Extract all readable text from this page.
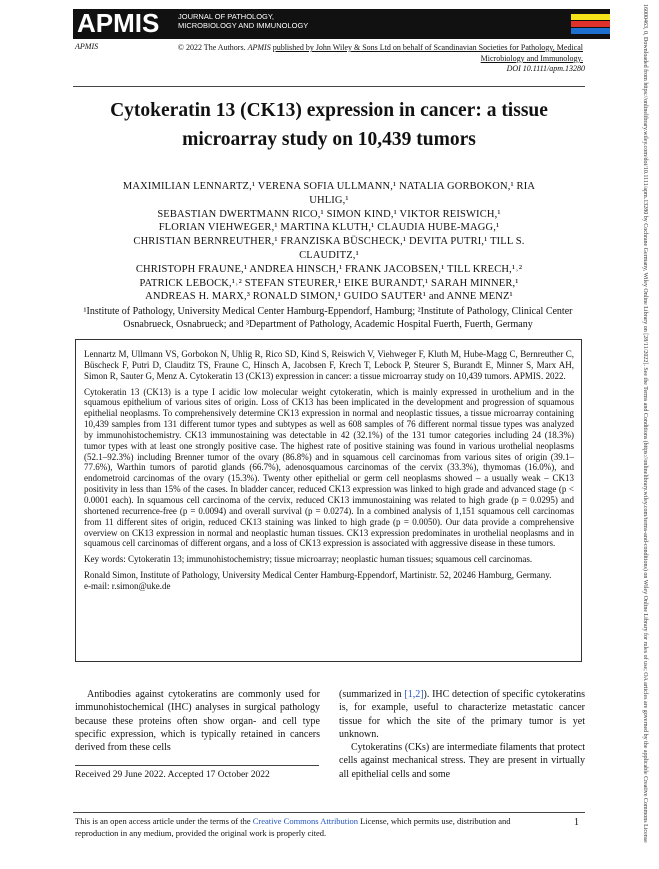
APMIS JOURNAL OF PATHOLOGY,
MICROBIOLOGY AND IMMUNOLOGY
APMIS	© 2022 The Authors. APMIS published by John Wiley & Sons Ltd on behalf of Scandinavian Societies for Pathology, Medical Microbiology and Immunology.
DOI 10.1111/apm.13280
Cytokeratin 13 (CK13) expression in cancer: a tissue
microarray study on 10,439 tumors
MAXIMILIAN LENNARTZ,¹ VERENA SOFIA ULLMANN,¹ NATALIA GORBOKON,¹ RIA UHLIG,¹
SEBASTIAN DWERTMANN RICO,¹ SIMON KIND,¹ VIKTOR REISWICH,¹
FLORIAN VIEHWEGER,¹ MARTINA KLUTH,¹ CLAUDIA HUBE-MAGG,¹
CHRISTIAN BERNREUTHER,¹ FRANZISKA BÜSCHECK,¹ DEVITA PUTRI,¹ TILL S. CLAUDITZ,¹
CHRISTOPH FRAUNE,¹ ANDREA HINSCH,¹ FRANK JACOBSEN,¹ TILL KRECH,¹˒²
PATRICK LEBOCK,¹˒² STEFAN STEURER,¹ EIKE BURANDT,¹ SARAH MINNER,¹
ANDREAS H. MARX,³ RONALD SIMON,¹ GUIDO SAUTER¹ and ANNE MENZ¹
¹Institute of Pathology, University Medical Center Hamburg-Eppendorf, Hamburg; ²Institute of Pathology, Clinical Center Osnabrueck, Osnabrueck; and ³Department of Pathology, Academic Hospital Fuerth, Fuerth, Germany

Lennartz M, Ullmann VS, Gorbokon N, Uhlig R, Rico SD, Kind S, Reiswich V, Viehweger F, Kluth M, Hube-Magg C, Bernreuther C, Büscheck F, Putri D, Clauditz TS, Fraune C, Hinsch A, Jacobsen F, Krech T, Lebock P, Steurer S, Burandt E, Minner S, Marx AH, Simon R, Sauter G, Menz A. Cytokeratin 13 (CK13) expression in cancer: a tissue microarray study on 10,439 tumors. APMIS. 2022.

Cytokeratin 13 (CK13) is a type I acidic low molecular weight cytokeratin, which is mainly expressed in urothelium and in the squamous epithelium of various sites of origin. Loss of CK13 has been implicated in the development and progression of squamous epithelial neoplasms. To comprehensively determine CK13 expression in normal and neoplastic tissues, a tissue microarray containing 10,439 samples from 131 different tumor types and subtypes as well as 608 samples of 76 different normal tissue types was analyzed by immunohistochemistry. CK13 immunostaining was detectable in 42 (32.1%) of the 131 tumor categories including 24 (18.3%) tumor types with at least one strongly positive case. The highest rate of positive staining was found in various urothelial neoplasms (52.1–92.3%) including Brenner tumor of the ovary (86.8%) and in squamous cell carcinomas from various sites of origin (39.1–77.6%), Warthin tumors of parotid glands (66.7%), adenosquamous carcinomas of the cervix (33.3%), thymomas (16.0%), and endometroid carcinomas of the ovary (15.3%). Twenty other epithelial or germ cell neoplasms showed – a usually weak – CK13 positivity in less than 15% of the cases. In bladder cancer, reduced CK13 expression was linked to high grade and advanced stage (p < 0.0001 each). In squamous cell carcinoma of the cervix, reduced CK13 immunostaining was related to high grade (p = 0.0295) and shortened recurrence-free (p = 0.0094) and overall survival (p = 0.0274). In a combined analysis of 1,151 squamous cell carcinomas from 11 different sites of origin, reduced CK13 staining was linked to high grade (p = 0.0050). Our data provide a comprehensive overview on CK13 expression in normal and neoplastic human tissues. CK13 expression predominates in urothelial neoplasms and in squamous cell carcinomas of different organs, and a loss of CK13 expression is associated with aggressive disease in these tumors.

Key words: Cytokeratin 13; immunohistochemistry; tissue microarray; neoplastic human tissues; squamous cell carcinomas.

Ronald Simon, Institute of Pathology, University Medical Center Hamburg-Eppendorf, Martinistr. 52, 20246 Hamburg, Germany.

e-mail: r.simon@uke.de

Antibodies against cytokeratins are commonly used for immunohistochemical (IHC) analyses in surgical pathology because these proteins often show organ- and cell type specific expression, which is typically retained in cancers derived from these cells
Received 29 June 2022. Accepted 17 October 2022

(summarized in [1,2]). IHC detection of specific cytokeratins is, for example, useful to characterize metastatic cancer tissue for which the site of the primary tumor is yet unknown.

Cytokeratins (CKs) are intermediate filaments that protect cells against mechanical stress. They are present in virtually all epithelial cells and some

This is an open access article under the terms of the Creative Commons Attribution License, which permits use, distribution and reproduction in any medium, provided the original work is properly cited.
1	16000463, 0, Downloaded from https://onlinelibrary.wiley.com/doi/10.1111/apm.13280 by Cochrane Germany, Wiley Online Library on [28/11/2022]. See the Terms and Conditions (https://onlinelibrary.wiley.com/terms-and-conditions) on Wiley Online Library for rules of use; OA articles are governed by the applicable Creative Commons License
